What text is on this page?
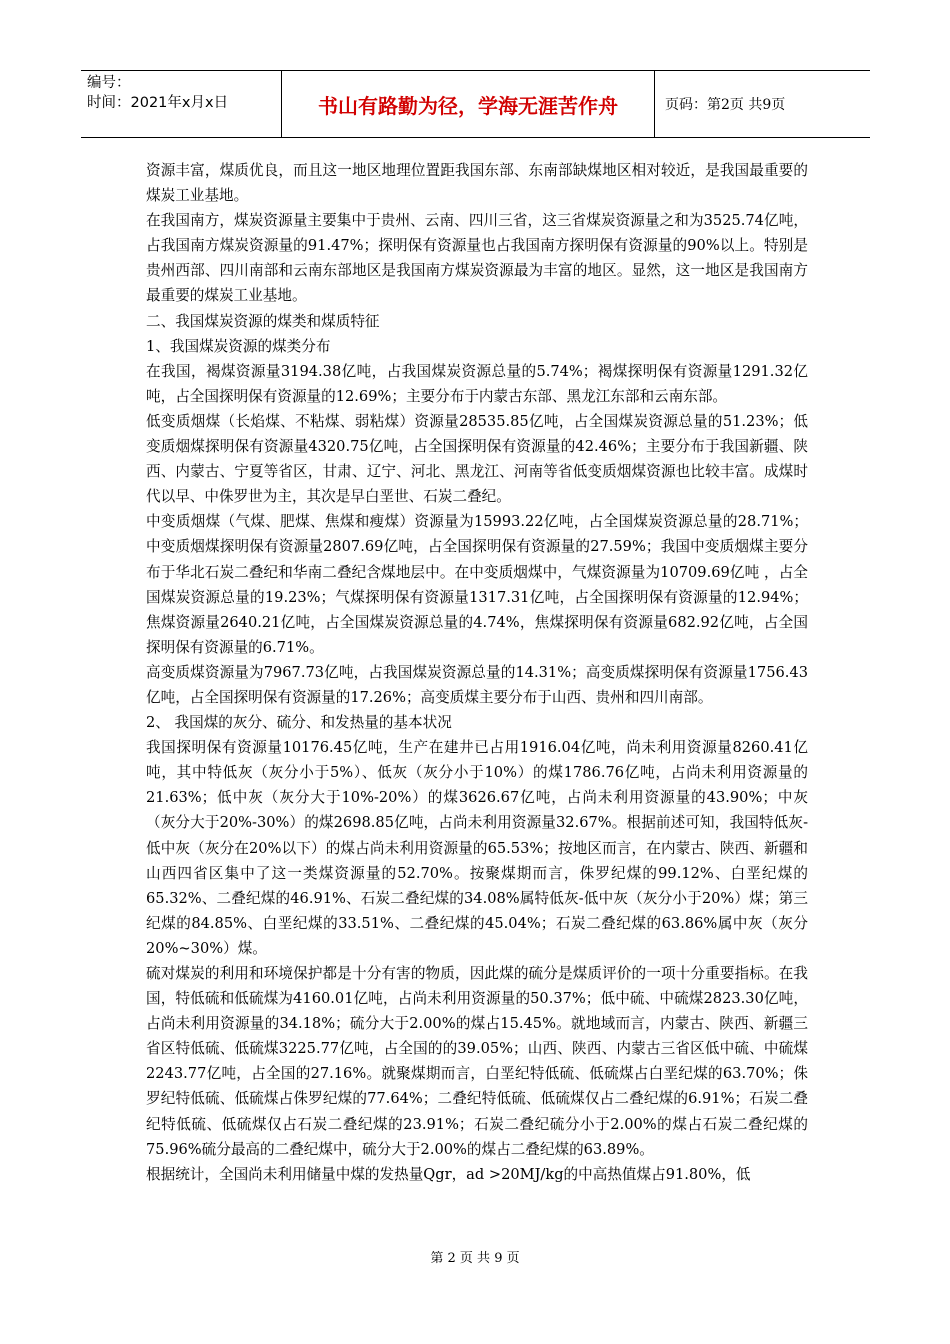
编号：
时间：2021年x月x日	书山有路勤为径，学海无涯苦作舟	页码：第2页 共9页

资源丰富，煤质优良，而且这一地区地理位置距我国东部、东南部缺煤地区相对较近，是我国最重要的煤炭工业基地。

在我国南方，煤炭资源量主要集中于贵州、云南、四川三省，这三省煤炭资源量之和为3525.74亿吨，占我国南方煤炭资源量的91.47%；探明保有资源量也占我国南方探明保有资源量的90%以上。特别是贵州西部、四川南部和云南东部地区是我国南方煤炭资源最为丰富的地区。显然，这一地区是我国南方最重要的煤炭工业基地。

二、我国煤炭资源的煤类和煤质特征

1、我国煤炭资源的煤类分布

在我国，褐煤资源量3194.38亿吨，占我国煤炭资源总量的5.74%；褐煤探明保有资源量1291.32亿吨，占全国探明保有资源量的12.69%；主要分布于内蒙古东部、黑龙江东部和云南东部。

低变质烟煤（长焰煤、不粘煤、弱粘煤）资源量28535.85亿吨，占全国煤炭资源总量的51.23%；低变质烟煤探明保有资源量4320.75亿吨，占全国探明保有资源量的42.46%；主要分布于我国新疆、陕西、内蒙古、宁夏等省区，甘肃、辽宁、河北、黑龙江、河南等省低变质烟煤资源也比较丰富。成煤时代以早、中侏罗世为主，其次是早白垩世、石炭二叠纪。

中变质烟煤（气煤、肥煤、焦煤和瘦煤）资源量为15993.22亿吨，占全国煤炭资源总量的28.71%；中变质烟煤探明保有资源量2807.69亿吨，占全国探明保有资源量的27.59%；我国中变质烟煤主要分布于华北石炭二叠纪和华南二叠纪含煤地层中。在中变质烟煤中，气煤资源量为10709.69亿吨 ，占全国煤炭资源总量的19.23%；气煤探明保有资源量1317.31亿吨，占全国探明保有资源量的12.94%；焦煤资源量2640.21亿吨，占全国煤炭资源总量的4.74%，焦煤探明保有资源量682.92亿吨，占全国探明保有资源量的6.71%。

高变质煤资源量为7967.73亿吨，占我国煤炭资源总量的14.31%；高变质煤探明保有资源量1756.43亿吨，占全国探明保有资源量的17.26%；高变质煤主要分布于山西、贵州和四川南部。

2、 我国煤的灰分、硫分、和发热量的基本状况

我国探明保有资源量10176.45亿吨，生产在建井已占用1916.04亿吨，尚未利用资源量8260.41亿吨，其中特低灰（灰分小于5%）、低灰（灰分小于10%）的煤1786.76亿吨，占尚未利用资源量的21.63%；低中灰（灰分大于10%-20%）的煤3626.67亿吨，占尚未利用资源量的43.90%；中灰（灰分大于20%-30%）的煤2698.85亿吨，占尚未利用资源量32.67%。根据前述可知，我国特低灰-低中灰（灰分在20%以下）的煤占尚未利用资源量的65.53%；按地区而言，在内蒙古、陕西、新疆和山西四省区集中了这一类煤资源量的52.70%。按聚煤期而言，侏罗纪煤的99.12%、白垩纪煤的65.32%、二叠纪煤的46.91%、石炭二叠纪煤的34.08%属特低灰-低中灰（灰分小于20%）煤；第三纪煤的84.85%、白垩纪煤的33.51%、二叠纪煤的45.04%；石炭二叠纪煤的63.86%属中灰（灰分20%~30%）煤。

硫对煤炭的利用和环境保护都是十分有害的物质，因此煤的硫分是煤质评价的一项十分重要指标。在我国，特低硫和低硫煤为4160.01亿吨，占尚未利用资源量的50.37%；低中硫、中硫煤2823.30亿吨，占尚未利用资源量的34.18%；硫分大于2.00%的煤占15.45%。就地域而言，内蒙古、陕西、新疆三省区特低硫、低硫煤3225.77亿吨，占全国的的39.05%；山西、陕西、内蒙古三省区低中硫、中硫煤2243.77亿吨，占全国的27.16%。就聚煤期而言，白垩纪特低硫、低硫煤占白垩纪煤的63.70%；侏罗纪特低硫、低硫煤占侏罗纪煤的77.64%；二叠纪特低硫、低硫煤仅占二叠纪煤的6.91%；石炭二叠纪特低硫、低硫煤仅占石炭二叠纪煤的23.91%；石炭二叠纪硫分小于2.00%的煤占石炭二叠纪煤的75.96%硫分最高的二叠纪煤中，硫分大于2.00%的煤占二叠纪煤的63.89%。

根据统计，全国尚未利用储量中煤的发热量Qgr，ad >20MJ/kg的中高热值煤占91.80%，低

第 2 页 共 9 页
